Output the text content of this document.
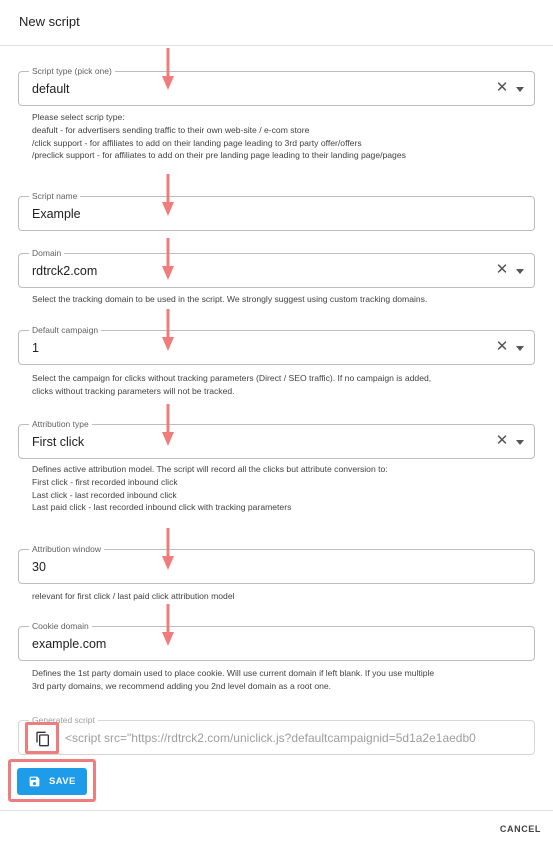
New script
Script type (pick one)
default	✕
Please select scrip type:
deafult - for advertisers sending traffic to their own web-site / e-com store
/click support - for affiliates to add on their landing page leading to 3rd party offer/offers
/preclick support - for affiliates to add on their pre landing page leading to their landing page/pages
Script name
Example
Domain
rdtrck2.com	✕
Select the tracking domain to be used in the script. We strongly suggest using custom tracking domains.
Default campaign
1	✕
Select the campaign for clicks without tracking parameters (Direct / SEO traffic). If no campaign is added,
clicks without tracking parameters will not be tracked.
Attribution type
First click	✕
Defines active attribution model. The script will record all the clicks but attribute conversion to:
First click - first recorded inbound click
Last click - last recorded inbound click
Last paid click - last recorded inbound click with tracking parameters
Attribution window
30
relevant for first click / last paid click attribution model
Cookie domain
example.com
Defines the 1st party domain used to place cookie. Will use current domain if left blank. If you use multiple
3rd party domains, we recommend adding you 2nd level domain as a root one.
Generated script
<script src="https://rdtrck2.com/uniclick.js?defaultcampaignid=5d1a2e1aedb0
SAVE
CANCEL
